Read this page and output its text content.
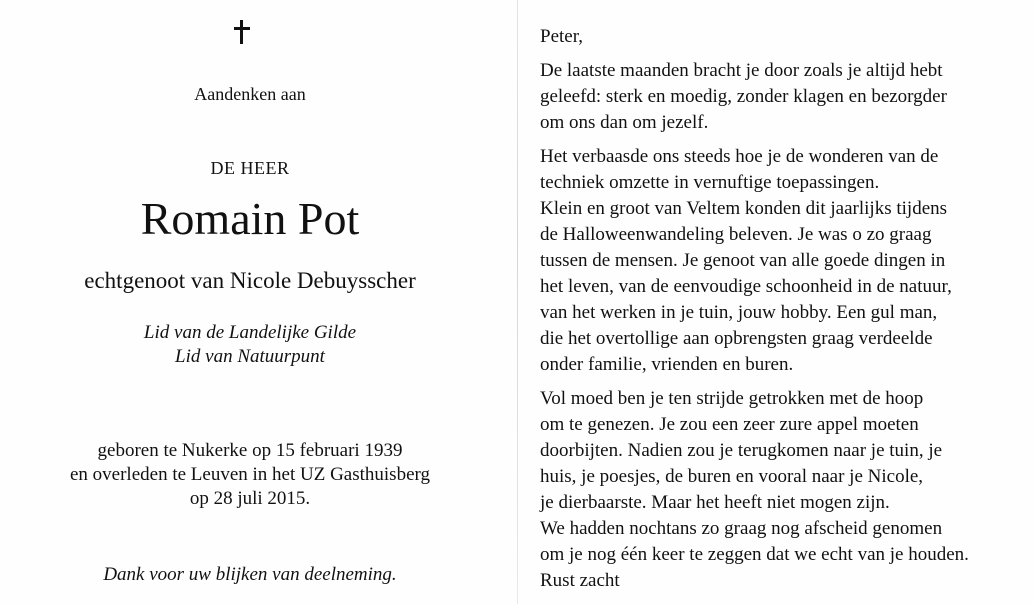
Aandenken aan
DE HEER
Romain Pot
echtgenoot van Nicole Debuysscher
Lid van de Landelijke Gilde
Lid van Natuurpunt
geboren te Nukerke op 15 februari 1939
en overleden te Leuven in het UZ Gasthuisberg
op 28 juli 2015.
Dank voor uw blijken van deelneming.
Peter,
De laatste maanden bracht je door zoals je altijd hebt
geleefd: sterk en moedig, zonder klagen en bezorgder
om ons dan om jezelf.
Het verbaasde ons steeds hoe je de wonderen van de
techniek omzette in vernuftige toepassingen.
Klein en groot van Veltem konden dit jaarlijks tijdens
de Halloweenwandeling beleven. Je was o zo graag
tussen de mensen. Je genoot van alle goede dingen in
het leven, van de eenvoudige schoonheid in de natuur,
van het werken in je tuin, jouw hobby. Een gul man,
die het overtollige aan opbrengsten graag verdeelde
onder familie, vrienden en buren.
Vol moed ben je ten strijde getrokken met de hoop
om te genezen. Je zou een zeer zure appel moeten
doorbijten. Nadien zou je terugkomen naar je tuin, je
huis, je poesjes, de buren en vooral naar je Nicole,
je dierbaarste. Maar het heeft niet mogen zijn.
We hadden nochtans zo graag nog afscheid genomen
om je nog één keer te zeggen dat we echt van je houden.
Rust zacht
